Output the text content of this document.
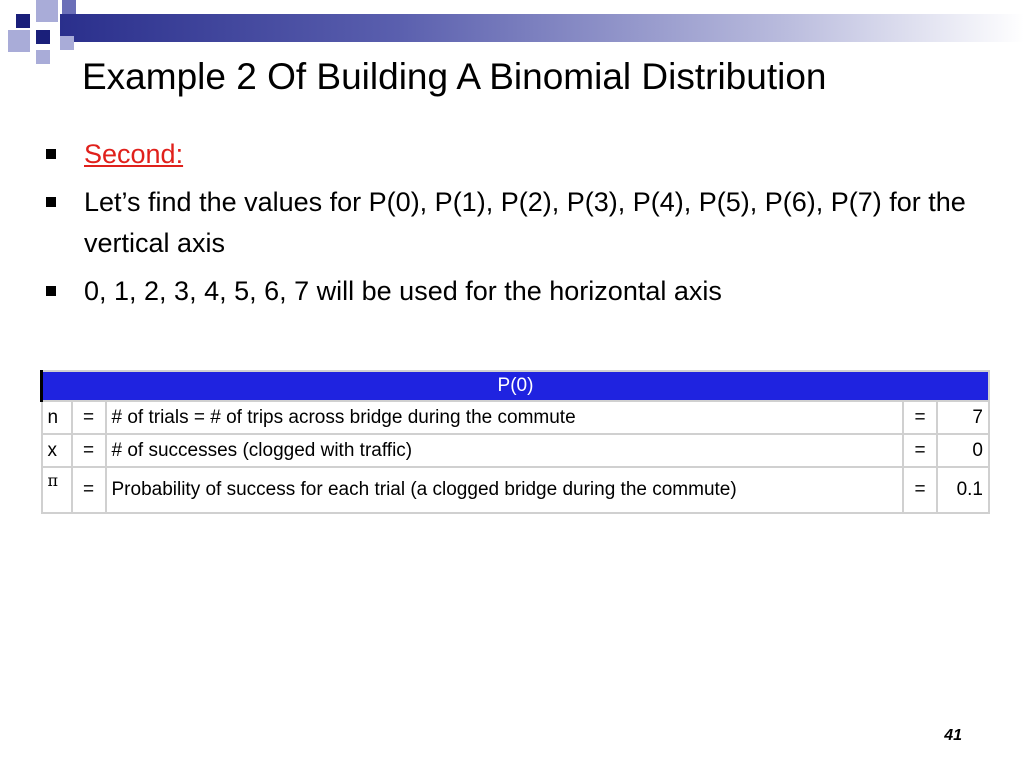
Example 2 Of Building A Binomial Distribution
Second:
Let’s find the values for P(0), P(1), P(2), P(3), P(4), P(5), P(6), P(7) for the vertical axis
0, 1, 2, 3, 4, 5, 6, 7 will be used for the horizontal axis
P(0)				
n	=	# of trials = # of trips across bridge during the commute	=	7
x	=	# of successes (clogged with traffic)	=	0
π	=	Probability of success for each trial (a clogged bridge during the commute)	=	0.1
41
